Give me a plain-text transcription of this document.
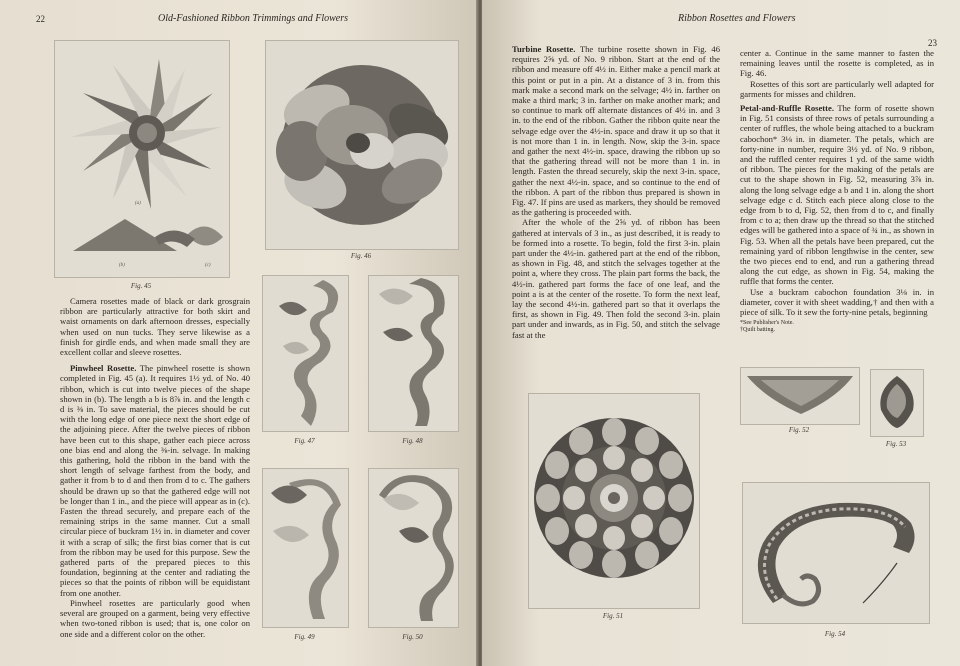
22	Old-Fashioned Ribbon Trimmings and Flowers
(a)
(b)	(c)
Fig. 45
Fig. 46
Fig. 47	Fig. 48
Fig. 49	Fig. 50

Camera rosettes made of black or dark grosgrain ribbon are particularly attractive for both skirt and waist ornaments on dark afternoon dresses, especially when used on nun tucks. They serve likewise as a finish for girdle ends, and when made small they are excellent collar and sleeve rosettes.

Pinwheel Rosette. The pinwheel rosette is shown completed in Fig. 45 (a). It requires 1½ yd. of No. 40 ribbon, which is cut into twelve pieces of the shape shown in (b). The length a b is 8⅞ in. and the length c d is ⅜ in. To save material, the pieces should be cut with the long edge of one piece next the short edge of the adjoining piece. After the twelve pieces of ribbon have been cut to this shape, gather each piece across one bias end and along the ⅜-in. selvage. In making this gathering, hold the ribbon in the band with the short length of selvage farthest from the body, and gather it from b to d and then from d to c. The gathers should be drawn up so that the gathered edge will not be longer than 1 in., and the piece will appear as in (c). Fasten the thread securely, and prepare each of the remaining strips in the same manner. Cut a small circular piece of buckram 1½ in. in diameter and cover it with a scrap of silk; the first bias corner that is cut from the ribbon may be used for this purpose. Sew the gathered parts of the prepared pieces to this foundation, beginning at the center and radiating the pieces so that the points of ribbon will be equidistant from one another.

Pinwheel rosettes are particularly good when several are grouped on a garment, being very effective when two-toned ribbon is used; that is, one color on one side and a different color on the other.

Ribbon Rosettes and Flowers
23

Turbine Rosette. The turbine rosette shown in Fig. 46 requires 2⅝ yd. of No. 9 ribbon. Start at the end of the ribbon and measure off 4½ in. Either make a pencil mark at this point or put in a pin. At a distance of 3 in. from this mark make a second mark on the selvage; 4½ in. farther on make a third mark; 3 in. farther on make another mark; and so continue to mark off alternate distances of 4½ in. and 3 in. to the end of the ribbon. Gather the ribbon quite near the selvage edge over the 4½-in. space and draw it up so that it is not more than 1 in. in length. Now, skip the 3-in. space and gather the next 4½-in. space, drawing the ribbon up so that the gathering thread will not be more than 1 in. in length. Fasten the thread securely, skip the next 3-in. space, gather the next 4½-in. space, and so continue to the end of the ribbon. A part of the ribbon thus prepared is shown in Fig. 47. If pins are used as markers, they should be removed as the gathering is proceeded with.

After the whole of the 2⅝ yd. of ribbon has been gathered at intervals of 3 in., as just described, it is ready to be formed into a rosette. To begin, fold the first 3-in. plain part under the 4½-in. gathered part at the end of the ribbon, as shown in Fig. 48, and stitch the selvages together at the point a, where they cross. The plain part forms the back, the 4½-in. gathered part forms the face of one leaf, and the point a is at the center of the rosette. To form the next leaf, lay the second 4½-in. gathered part so that it overlaps the first, as shown in Fig. 49. Then fold the second 3-in. plain part under and inwards, as in Fig. 50, and stitch the selvage fast at the

center a. Continue in the same manner to fasten the remaining leaves until the rosette is completed, as in Fig. 46.

Rosettes of this sort are particularly well adapted for garments for misses and children.

Petal-and-Ruffle Rosette. The form of rosette shown in Fig. 51 consists of three rows of petals surrounding a center of ruffles, the whole being attached to a buckram cabochon* 3⅛ in. in diameter. The petals, which are forty-nine in number, require 3½ yd. of No. 9 ribbon, and the ruffled center requires 1 yd. of the same width of ribbon. The pieces for the making of the petals are cut to the shape shown in Fig. 52, measuring 3⅞ in. along the long selvage edge a b and 1 in. along the short selvage edge c d. Stitch each piece along close to the edge from b to d, Fig. 52, then from d to c, and finally from c to a; then draw up the thread so that the stitched edges will be gathered into a space of ¾ in., as shown in Fig. 53. When all the petals have been prepared, cut the remaining yard of ribbon lengthwise in the center, sew the two pieces end to end, and run a gathering thread along the cut edge, as shown in Fig. 54, making the ruffle that forms the center.

Use a buckram cabochon foundation 3⅛ in. in diameter, cover it with sheet wadding,† and then with a piece of silk. To it sew the forty-nine petals, beginning

*See Publisher's Note.
†Quilt batting.
Fig. 51
Fig. 52
Fig. 53
Fig. 54
